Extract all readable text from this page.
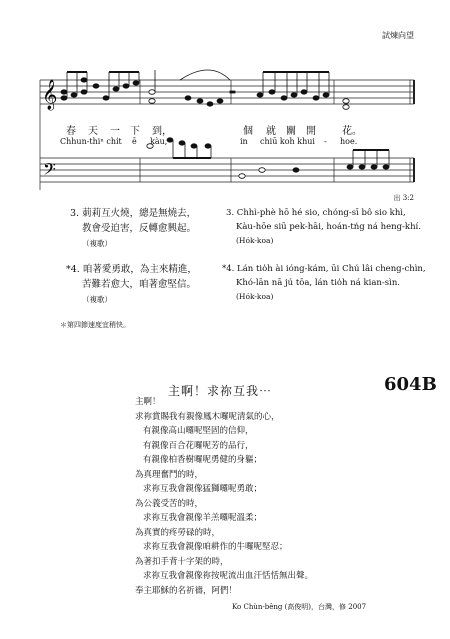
試煉向望
𝄞
𝄢
春 天 一 下 到，	個 就 關 開	花。
Chhun-thiⁿ chi̍t ē kàu,	in chiū koh khui - hoe.
出 3:2
3. 莿莉互火燒，總是無燒去，
教會受迫害，反轉愈興起。
（複歌）
3. Chhì-phè hō hé sio, chóng-sī bô sio khì,
Kàu-hōe siū pek-hāi, hoán-tńg ná heng-khí.
(Hók-koa)
*4. 咱著愛勇敢，為主來精進，
苦難若愈大，咱著愈堅信。
（複歌）
*4. Lán tio̍h ài ióng-kám, ūi Chú lâi cheng-chìn,
Khó-lān nā jú tōa, lán tio̍h ná kian-sìn.
(Hók-koa)
＊第四節速度宜稍快。
主啊！求祢互我⋯	604B
主啊！
求祢賞賜我有親像鳳木囉呢清氣的心，
有親像高山囉呢堅固的信仰，
有親像百合花囉呢芳的品行，
有親像柏香樹囉呢勇健的身軀；
為真理奮鬥的時，
求祢互我會親像猛獅囉呢勇敢；
為公義受苦的時，
求祢互我會親像羊羔囉呢溫柔；
為真實的疼勞碌的時，
求祢互我會親像咱耕作的牛囉呢堅忍；
為著扣手背十字架的時，
求祢互我會親像祢按呢流出血汗恬恬無出聲。
奉主耶穌的名祈禱，阿們！
Ko Chùn-bêng (高俊明)，台灣，修 2007
